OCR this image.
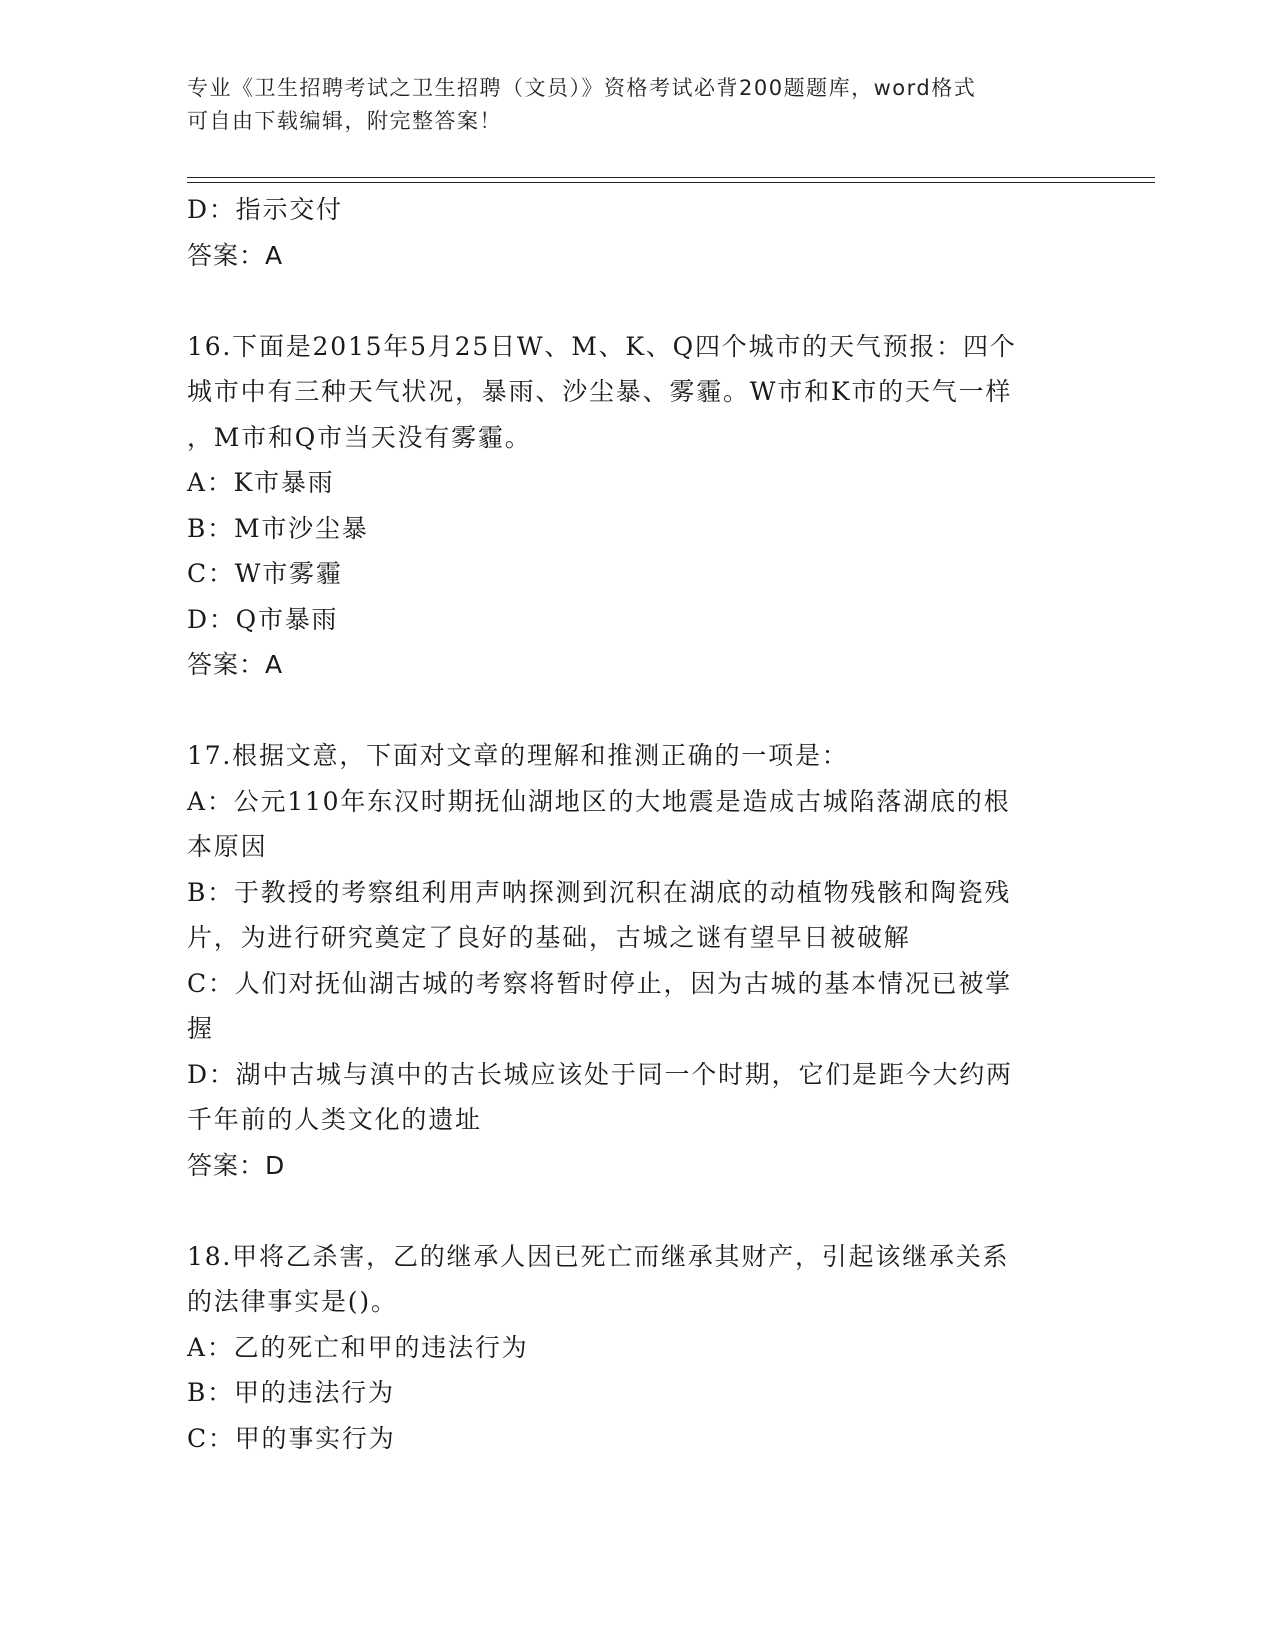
专业《卫生招聘考试之卫生招聘（文员）》资格考试必背200题题库，word格式
可自由下载编辑，附完整答案！
D：指示交付
答案：A
16.下面是2015年5月25日W、M、K、Q四个城市的天气预报：四个
城市中有三种天气状况，暴雨、沙尘暴、雾霾。W市和K市的天气一样
，M市和Q市当天没有雾霾。
A：K市暴雨
B：M市沙尘暴
C：W市雾霾
D：Q市暴雨
答案：A
17.根据文意，下面对文章的理解和推测正确的一项是：
A：公元110年东汉时期抚仙湖地区的大地震是造成古城陷落湖底的根
本原因
B：于教授的考察组利用声呐探测到沉积在湖底的动植物残骸和陶瓷残
片，为进行研究奠定了良好的基础，古城之谜有望早日被破解
C：人们对抚仙湖古城的考察将暂时停止，因为古城的基本情况已被掌
握
D：湖中古城与滇中的古长城应该处于同一个时期，它们是距今大约两
千年前的人类文化的遗址
答案：D
18.甲将乙杀害，乙的继承人因已死亡而继承其财产，引起该继承关系
的法律事实是()。
A：乙的死亡和甲的违法行为
B：甲的违法行为
C：甲的事实行为
